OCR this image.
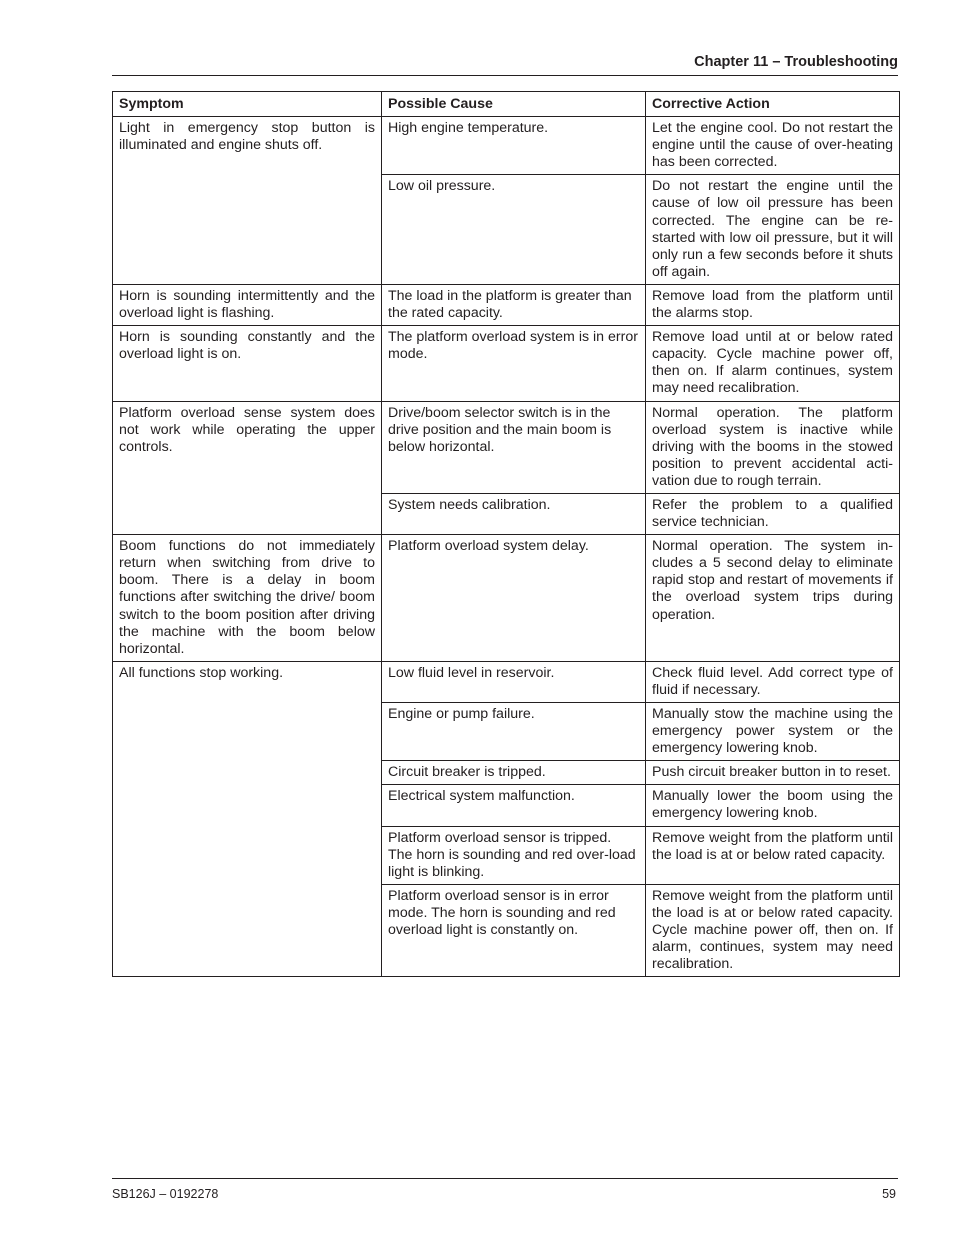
Chapter 11 – Troubleshooting
Symptom	Possible Cause	Corrective Action
Light in emergency stop button is illuminated and engine shuts off.	High engine temperature.	Let the engine cool. Do not restart the engine until the cause of over-heating has been corrected.
	Low oil pressure.	Do not restart the engine until the cause of low oil pressure has been corrected. The engine can be re-started with low oil pressure, but it will only run a few seconds before it shuts off again.
Horn is sounding intermittently and the overload light is flashing.	The load in the platform is greater than the rated capacity.	Remove load from the platform until the alarms stop.
Horn is sounding constantly and the overload light is on.	The platform overload system is in error mode.	Remove load until at or below rated capacity. Cycle machine power off, then on. If alarm continues, system may need recalibration.
Platform overload sense system does not work while operating the upper controls.	Drive/boom selector switch is in the drive position and the main boom is below horizontal.	Normal operation. The platform overload system is inactive while driving with the booms in the stowed position to prevent accidental acti-vation due to rough terrain.
	System needs calibration.	Refer the problem to a qualified service technician.
Boom functions do not immediately return when switching from drive to boom. There is a delay in boom functions after switching the drive/ boom switch to the boom position after driving the machine with the boom below horizontal.	Platform overload system delay.	Normal operation. The system in-cludes a 5 second delay to eliminate rapid stop and restart of movements if the overload system trips during operation.
All functions stop working.	Low fluid level in reservoir.	Check fluid level. Add correct type of fluid if necessary.
	Engine or pump failure.	Manually stow the machine using the emergency power system or the emergency lowering knob.
	Circuit breaker is tripped.	Push circuit breaker button in to reset.
	Electrical system malfunction.	Manually lower the boom using the emergency lowering knob.
	Platform overload sensor is tripped. The horn is sounding and red over-load light is blinking.	Remove weight from the platform until the load is at or below rated capacity.
	Platform overload sensor is in error mode. The horn is sounding and red overload light is constantly on.	Remove weight from the platform until the load is at or below rated capacity. Cycle machine power off, then on. If alarm, continues, system may need recalibration.
SB126J – 0192278	59
